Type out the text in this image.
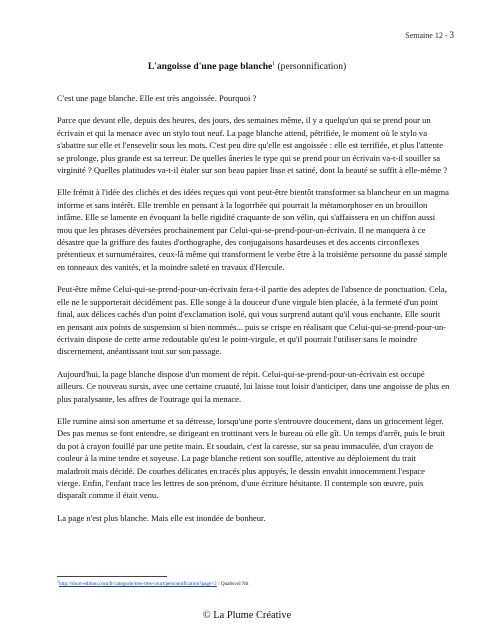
Semaine 12 - 3
L'angoisse d'une page blanche$^1$ (personnification)

C'est une page blanche. Elle est très angoissée. Pourquoi ?

Parce que devant elle, depuis des heures, des jours, des semaines même, il y a quelqu'un qui se prend pour un écrivain et qui la menace avec un stylo tout neuf. La page blanche attend, pétrifiée, le moment où le stylo va s'abattre sur elle et l'ensevelir sous les mots. C'est peu dire qu'elle est angoissée : elle est terrifiée, et plus l'attente se prolonge, plus grande est sa terreur. De quelles âneries le type qui se prend pour un écrivain va-t-il souiller sa virginité ? Quelles platitudes va-t-il étaler sur son beau papier lisse et satiné, dont la beauté se suffit à elle-même ?

Elle frémit à l'idée des clichés et des idées reçues qui vont peut-être bientôt transformer sa blancheur en un magma informe et sans intérêt. Elle tremble en pensant à la logorrhée qui pourrait la métamorphoser en un brouillon infâme. Elle se lamente en évoquant la belle rigidité craquante de son vélin, qui s'affaissera en un chiffon aussi mou que les phrases déversées prochainement par Celui-qui-se-prend-pour-un-écrivain. Il ne manquera à ce désastre que la griffure des fautes d'orthographe, des conjugaisons hasardeuses et des accents circonflexes prétentieux et surnuméraires, ceux-là même qui transforment le verbe être à la troisième personne du passé simple en tonneaux des vanités, et la moindre saleté en travaux d'Hercule.

Peut-être même Celui-qui-se-prend-pour-un-écrivain fera-t-il partie des adeptes de l'absence de ponctuation. Cela, elle ne le supporterait décidément pas. Elle songe à la douceur d'une virgule bien placée, à la fermeté d'un point final, aux délices cachés d'un point d'exclamation isolé, qui vous surprend autant qu'il vous enchante. Elle sourit en pensant aux points de suspension si bien nommés... puis se crispe en réalisant que Celui-qui-se-prend-pour-un-écrivain dispose de cette arme redoutable qu'est le point-virgule, et qu'il pourrait l'utiliser sans le moindre discernement, anéantissant tout sur son passage.

Aujourd'hui, la page blanche dispose d'un moment de répit. Celui-qui-se-prend-pour-un-écrivain est occupé ailleurs. Ce nouveau sursis, avec une certaine cruauté, lui laisse tout loisir d'anticiper, dans une angoisse de plus en plus paralysante, les affres de l'outrage qui la menace.

Elle rumine ainsi son amertume et sa détresse, lorsqu'une porte s'entrouvre doucement, dans un grincement léger. Des pas menus se font entendre, se dirigeant en trottinant vers le bureau où elle gît. Un temps d'arrêt, puis le bruit du pot à crayon fouillé par une petite main. Et soudain, c'est la caresse, sur sa peau immaculée, d'un crayon de couleur à la mine tendre et soyeuse. La page blanche retient son souffle, attentive au déploiement du trait maladroit mais décidé. De courbes délicates en tracés plus appuyés, le dessin envahit innocemment l'espace vierge. Enfin, l'enfant trace les lettres de son prénom, d'une écriture hésitante. Il contemple son œuvre, puis disparaît comme il était venu.

La page n'est plus blanche. Mais elle est inondée de bonheur.

$^1$http://short-edition.com/fr/categorie/tres-tres-court/personnification?page=2 / Quabsvol Nit
© La Plume Créative
